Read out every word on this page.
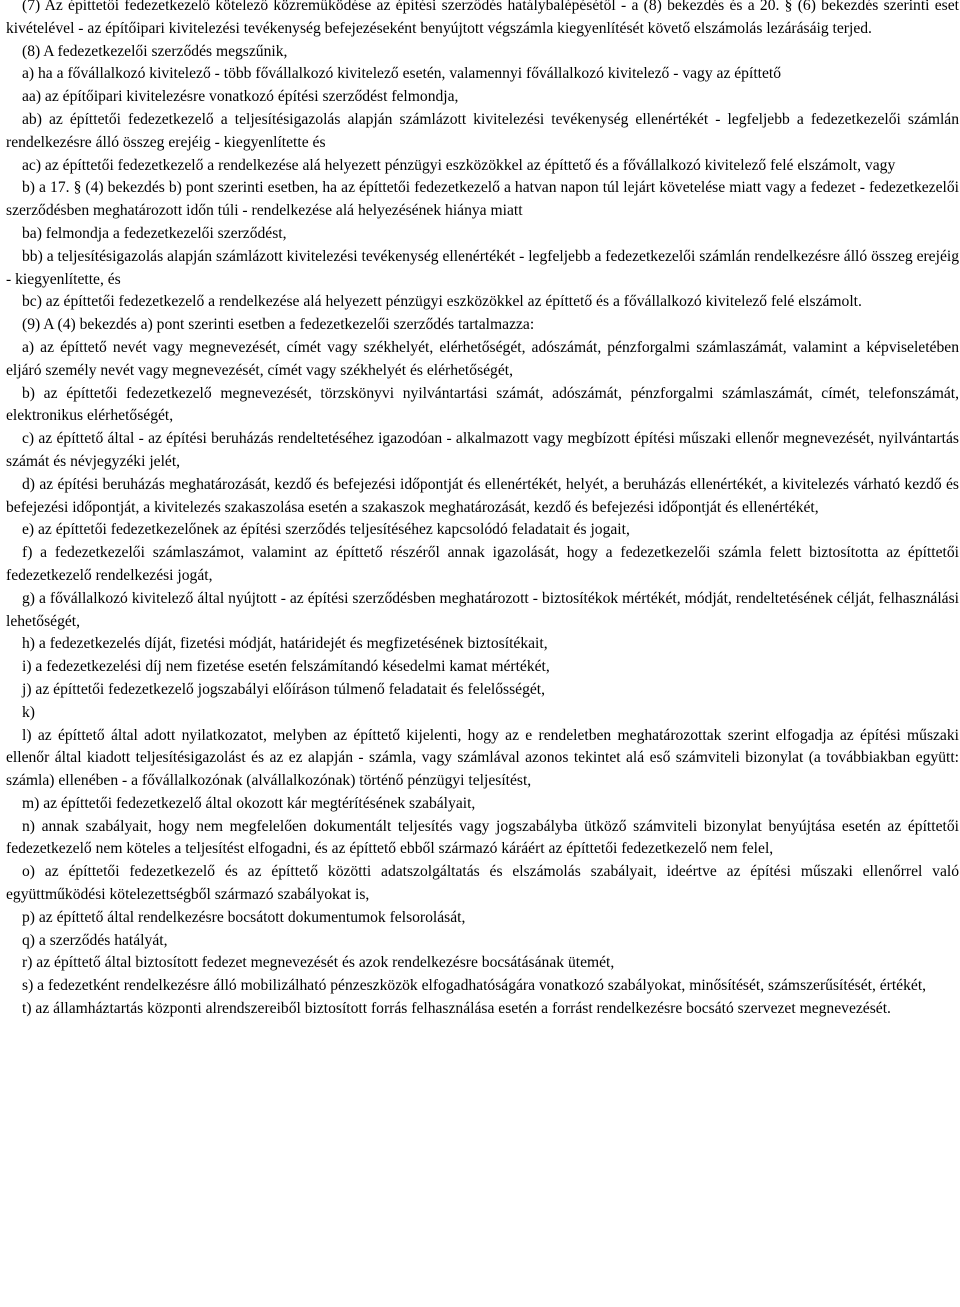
(7) Az építtetői fedezetkezelő kötelező közreműködése az építési szerződés hatálybalépésétől - a (8) bekezdés és a 20. § (6) bekezdés szerinti eset kivételével - az építőipari kivitelezési tevékenység befejezéseként benyújtott végszámla kiegyenlítését követő elszámolás lezárásáig terjed.

(8) A fedezetkezelői szerződés megszűnik,

a) ha a fővállalkozó kivitelező - több fővállalkozó kivitelező esetén, valamennyi fővállalkozó kivitelező - vagy az építtető

aa) az építőipari kivitelezésre vonatkozó építési szerződést felmondja,

ab) az építtetői fedezetkezelő a teljesítésigazolás alapján számlázott kivitelezési tevékenység ellenértékét - legfeljebb a fedezetkezelői számlán rendelkezésre álló összeg erejéig - kiegyenlítette és

ac) az építtetői fedezetkezelő a rendelkezése alá helyezett pénzügyi eszközökkel az építtető és a fővállalkozó kivitelező felé elszámolt, vagy

b) a 17. § (4) bekezdés b) pont szerinti esetben, ha az építtetői fedezetkezelő a hatvan napon túl lejárt követelése miatt vagy a fedezet - fedezetkezelői szerződésben meghatározott időn túli - rendelkezése alá helyezésének hiánya miatt

ba) felmondja a fedezetkezelői szerződést,

bb) a teljesítésigazolás alapján számlázott kivitelezési tevékenység ellenértékét - legfeljebb a fedezetkezelői számlán rendelkezésre álló összeg erejéig - kiegyenlítette, és

bc) az építtetői fedezetkezelő a rendelkezése alá helyezett pénzügyi eszközökkel az építtető és a fővállalkozó kivitelező felé elszámolt.

(9) A (4) bekezdés a) pont szerinti esetben a fedezetkezelői szerződés tartalmazza:

a) az építtető nevét vagy megnevezését, címét vagy székhelyét, elérhetőségét, adószámát, pénzforgalmi számlaszámát, valamint a képviseletében eljáró személy nevét vagy megnevezését, címét vagy székhelyét és elérhetőségét,

b) az építtetői fedezetkezelő megnevezését, törzskönyvi nyilvántartási számát, adószámát, pénzforgalmi számlaszámát, címét, telefonszámát, elektronikus elérhetőségét,

c) az építtető által - az építési beruházás rendeltetéséhez igazodóan - alkalmazott vagy megbízott építési műszaki ellenőr megnevezését, nyilvántartás számát és névjegyzéki jelét,

d) az építési beruházás meghatározását, kezdő és befejezési időpontját és ellenértékét, helyét, a beruházás ellenértékét, a kivitelezés várható kezdő és befejezési időpontját, a kivitelezés szakaszolása esetén a szakaszok meghatározását, kezdő és befejezési időpontját és ellenértékét,

e) az építtetői fedezetkezelőnek az építési szerződés teljesítéséhez kapcsolódó feladatait és jogait,

f) a fedezetkezelői számlaszámot, valamint az építtető részéről annak igazolását, hogy a fedezetkezelői számla felett biztosította az építtetői fedezetkezelő rendelkezési jogát,

g) a fővállalkozó kivitelező által nyújtott - az építési szerződésben meghatározott - biztosítékok mértékét, módját, rendeltetésének célját, felhasználási lehetőségét,

h) a fedezetkezelés díját, fizetési módját, határidejét és megfizetésének biztosítékait,

i) a fedezetkezelési díj nem fizetése esetén felszámítandó késedelmi kamat mértékét,

j) az építtetői fedezetkezelő jogszabályi előíráson túlmenő feladatait és felelősségét,

k)

l) az építtető által adott nyilatkozatot, melyben az építtető kijelenti, hogy az e rendeletben meghatározottak szerint elfogadja az építési műszaki ellenőr által kiadott teljesítésigazolást és az ez alapján - számla, vagy számlával azonos tekintet alá eső számviteli bizonylat (a továbbiakban együtt: számla) ellenében - a fővállalkozónak (alvállalkozónak) történő pénzügyi teljesítést,

m) az építtetői fedezetkezelő által okozott kár megtérítésének szabályait,

n) annak szabályait, hogy nem megfelelően dokumentált teljesítés vagy jogszabályba ütköző számviteli bizonylat benyújtása esetén az építtetői fedezetkezelő nem köteles a teljesítést elfogadni, és az építtető ebből származó káráért az építtetői fedezetkezelő nem felel,

o) az építtetői fedezetkezelő és az építtető közötti adatszolgáltatás és elszámolás szabályait, ideértve az építési műszaki ellenőrrel való együttműködési kötelezettségből származó szabályokat is,

p) az építtető által rendelkezésre bocsátott dokumentumok felsorolását,

q) a szerződés hatályát,

r) az építtető által biztosított fedezet megnevezését és azok rendelkezésre bocsátásának ütemét,

s) a fedezetként rendelkezésre álló mobilizálható pénzeszközök elfogadhatóságára vonatkozó szabályokat, minősítését, számszerűsítését, értékét,

t) az államháztartás központi alrendszereiből biztosított forrás felhasználása esetén a forrást rendelkezésre bocsátó szervezet megnevezését.
